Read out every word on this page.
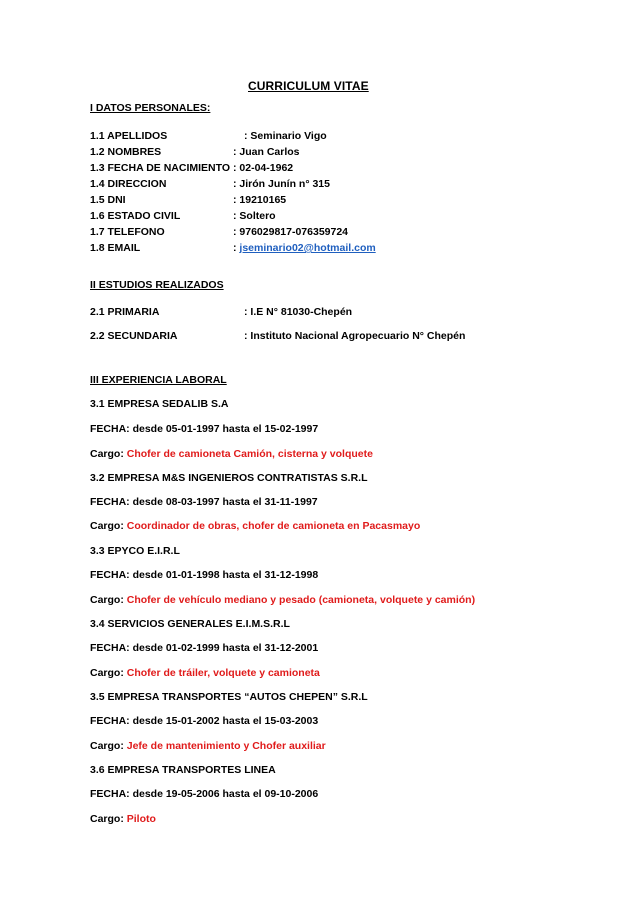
CURRICULUM VITAE
I DATOS PERSONALES:
1.1 APELLIDOS	: Seminario Vigo
1.2 NOMBRES	: Juan Carlos
1.3 FECHA DE NACIMIENTO : 02-04-1962
1.4 DIRECCION	: Jirón Junín n° 315
1.5 DNI	: 19210165
1.6 ESTADO CIVIL	: Soltero
1.7 TELEFONO	: 976029817-076359724
1.8 EMAIL	: jseminario02@hotmail.com
II ESTUDIOS REALIZADOS
2.1 PRIMARIA	: I.E N° 81030-Chepén
2.2 SECUNDARIA	: Instituto Nacional Agropecuario N° Chepén
III EXPERIENCIA LABORAL
3.1 EMPRESA SEDALIB S.A
FECHA: desde 05-01-1997 hasta el 15-02-1997
Cargo: Chofer de camioneta Camión, cisterna y volquete
3.2 EMPRESA M&S INGENIEROS CONTRATISTAS S.R.L
FECHA: desde 08-03-1997 hasta el 31-11-1997
Cargo: Coordinador de obras, chofer de camioneta en Pacasmayo
3.3 EPYCO E.I.R.L
FECHA: desde 01-01-1998 hasta el 31-12-1998
Cargo: Chofer de vehículo mediano y pesado (camioneta, volquete y camión)
3.4 SERVICIOS GENERALES E.I.M.S.R.L
FECHA: desde 01-02-1999 hasta el 31-12-2001
Cargo: Chofer de tráiler, volquete y camioneta
3.5 EMPRESA TRANSPORTES “AUTOS CHEPEN” S.R.L
FECHA: desde 15-01-2002 hasta el 15-03-2003
Cargo: Jefe de mantenimiento y Chofer auxiliar
3.6 EMPRESA TRANSPORTES LINEA
FECHA: desde 19-05-2006 hasta el 09-10-2006
Cargo: Piloto
